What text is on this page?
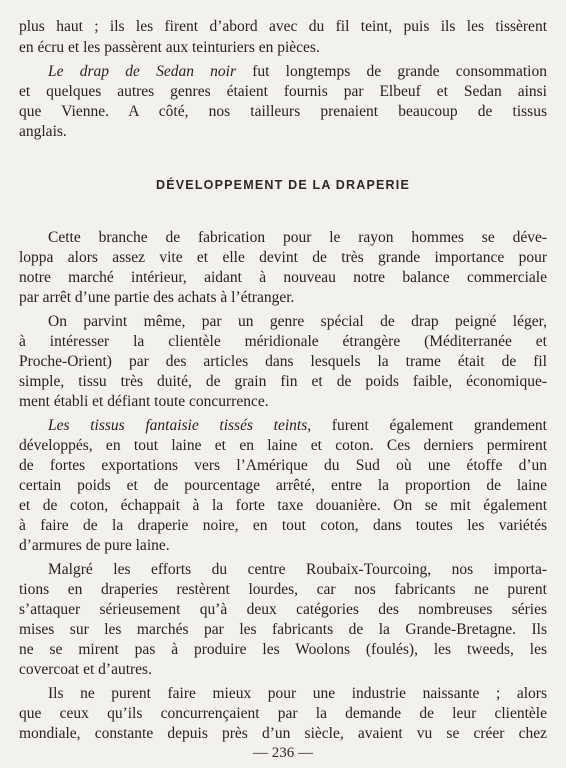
plus haut ; ils les firent d’abord avec du fil teint, puis ils les tissèrent
en écru et les passèrent aux teinturiers en pièces.
Le drap de Sedan noir fut longtemps de grande consommation
et quelques autres genres étaient fournis par Elbeuf et Sedan ainsi
que Vienne. A côté, nos tailleurs prenaient beaucoup de tissus
anglais.
DÉVELOPPEMENT DE LA DRAPERIE
Cette branche de fabrication pour le rayon hommes se déve-
loppa alors assez vite et elle devint de très grande importance pour
notre marché intérieur, aidant à nouveau notre balance commerciale
par arrêt d’une partie des achats à l’étranger.
On parvint même, par un genre spécial de drap peigné léger,
à intéresser la clientèle méridionale étrangère (Méditerranée et
Proche-Orient) par des articles dans lesquels la trame était de fil
simple, tissu très duité, de grain fin et de poids faible, économique-
ment établi et défiant toute concurrence.
Les tissus fantaisie tissés teints, furent également grandement
développés, en tout laine et en laine et coton. Ces derniers permirent
de fortes exportations vers l’Amérique du Sud où une étoffe d’un
certain poids et de pourcentage arrêté, entre la proportion de laine
et de coton, échappait à la forte taxe douanière. On se mit également
à faire de la draperie noire, en tout coton, dans toutes les variétés
d’armures de pure laine.
Malgré les efforts du centre Roubaix-Tourcoing, nos importa-
tions en draperies restèrent lourdes, car nos fabricants ne purent
s’attaquer sérieusement qu’à deux catégories des nombreuses séries
mises sur les marchés par les fabricants de la Grande-Bretagne. Ils
ne se mirent pas à produire les Woolons (foulés), les tweeds, les
covercoat et d’autres.
Ils ne purent faire mieux pour une industrie naissante ; alors
que ceux qu’ils concurrençaient par la demande de leur clientèle
mondiale, constante depuis près d’un siècle, avaient vu se créer chez
— 236 —
